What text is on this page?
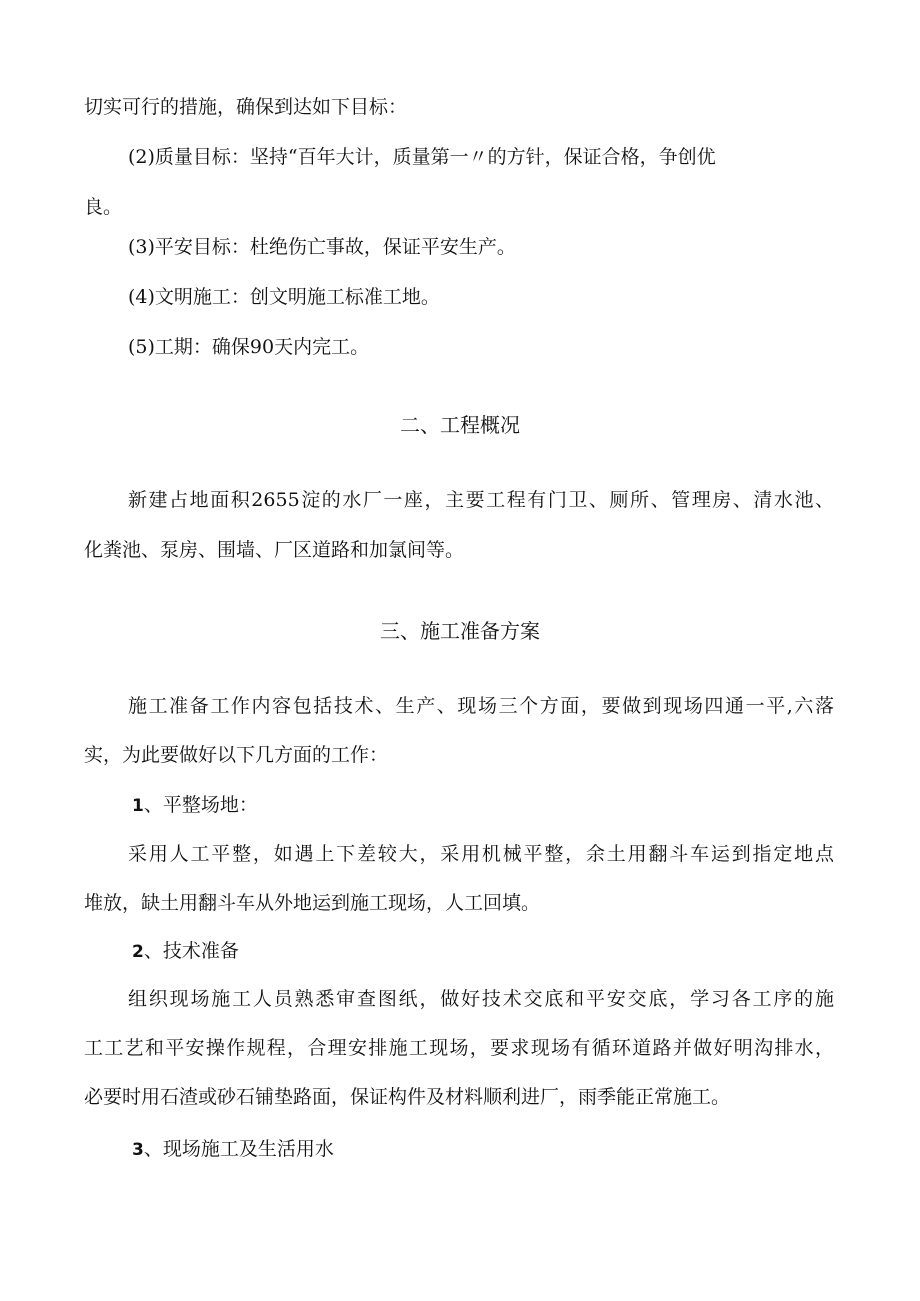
切实可行的措施，确保到达如下目标：
(2)质量目标：坚持“百年大计，质量第一〃的方针，保证合格，争创优
良。
(3)平安目标：杜绝伤亡事故，保证平安生产。
(4)文明施工：创文明施工标准工地。
(5)工期：确保90天内完工。
二、工程概况
新建占地面积2655淀的水厂一座，主要工程有门卫、厕所、管理房、清水池、
化粪池、泵房、围墙、厂区道路和加氯间等。
三、施工准备方案
施工准备工作内容包括技术、生产、现场三个方面，要做到现场四通一平,六落
实，为此要做好以下几方面的工作：
1、平整场地：
采用人工平整，如遇上下差较大，采用机械平整，余土用翻斗车运到指定地点
堆放，缺土用翻斗车从外地运到施工现场，人工回填。
2、技术准备
组织现场施工人员熟悉审查图纸，做好技术交底和平安交底，学习各工序的施
工工艺和平安操作规程，合理安排施工现场，要求现场有循环道路并做好明沟排水，
必要时用石渣或砂石铺垫路面，保证构件及材料顺利进厂，雨季能正常施工。
3、现场施工及生活用水
